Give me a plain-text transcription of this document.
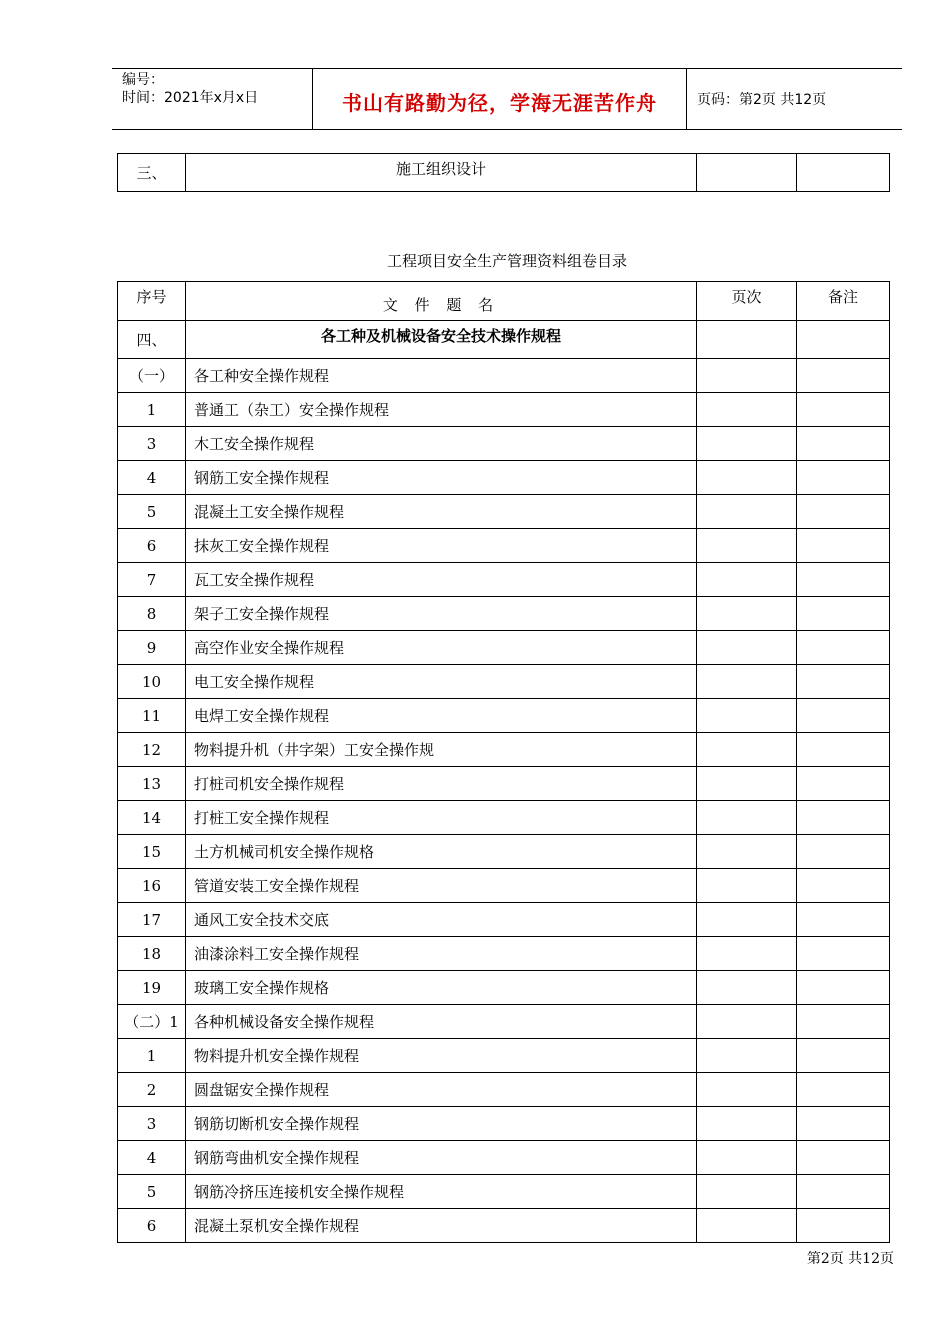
编号：
时间：2021年x月x日	书山有路勤为径，学海无涯苦作舟	页码：第2页 共12页
三、	施工组织设计		
工程项目安全生产管理资料组卷目录
序号	文 件 题 名	页次	备注
四、	各工种及机械设备安全技术操作规程		
（一）	各工种安全操作规程		
1	普通工（杂工）安全操作规程		
3	木工安全操作规程		
4	钢筋工安全操作规程		
5	混凝土工安全操作规程		
6	抹灰工安全操作规程		
7	瓦工安全操作规程		
8	架子工安全操作规程		
9	高空作业安全操作规程		
10	电工安全操作规程		
11	电焊工安全操作规程		
12	物料提升机（井字架）工安全操作规		
13	打桩司机安全操作规程		
14	打桩工安全操作规程		
15	土方机械司机安全操作规格		
16	管道安装工安全操作规程		
17	通风工安全技术交底		
18	油漆涂料工安全操作规程		
19	玻璃工安全操作规格		
（二）1	各种机械设备安全操作规程		
1	物料提升机安全操作规程		
2	圆盘锯安全操作规程		
3	钢筋切断机安全操作规程		
4	钢筋弯曲机安全操作规程		
5	钢筋冷挤压连接机安全操作规程		
6	混凝土泵机安全操作规程		
第2页 共12页
